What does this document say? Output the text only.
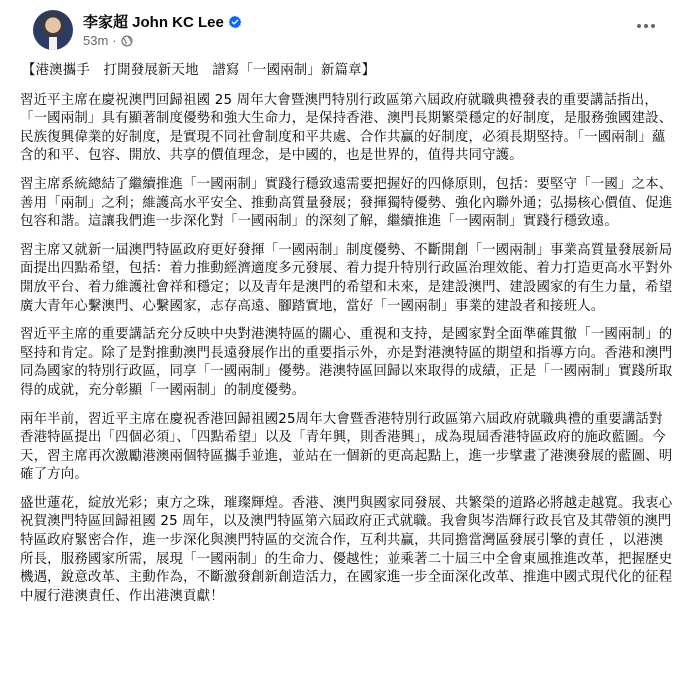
李家超 John KC Lee
53m ·

【港澳攜手　打開發展新天地　譜寫「一國兩制」新篇章】

習近平主席在慶祝澳門回歸祖國 25 周年大會暨澳門特別行政區第六屆政府就職典禮發表的重要講話指出，「一國兩制」具有顯著制度優勢和強大生命力，是保持香港、澳門長期繁榮穩定的好制度，是服務強國建設、民族復興偉業的好制度，是實現不同社會制度和平共處、合作共贏的好制度，必須長期堅持。「一國兩制」蘊含的和平、包容、開放、共享的價值理念，是中國的，也是世界的，值得共同守護。

習主席系統總結了繼續推進「一國兩制」實踐行穩致遠需要把握好的四條原則，包括：要堅守「一國」之本、善用「兩制」之利；維護高水平安全、推動高質量發展；發揮獨特優勢、強化內聯外通；弘揚核心價值、促進包容和諧。這讓我們進一步深化對「一國兩制」的深刻了解，繼續推進「一國兩制」實踐行穩致遠。

習主席又就新一屆澳門特區政府更好發揮「一國兩制」制度優勢、不斷開創「一國兩制」事業高質量發展新局面提出四點希望，包括：着力推動經濟適度多元發展、着力提升特別行政區治理效能、着力打造更高水平對外開放平台、着力維護社會祥和穩定；以及青年是澳門的希望和未來，是建設澳門、建設國家的有生力量，希望廣大青年心繫澳門、心繫國家，志存高遠、腳踏實地，當好「一國兩制」事業的建設者和接班人。

習近平主席的重要講話充分反映中央對港澳特區的關心、重視和支持，是國家對全面準確貫徹「一國兩制」的堅持和肯定。除了是對推動澳門長遠發展作出的重要指示外，亦是對港澳特區的期望和指導方向。香港和澳門同為國家的特別行政區，同享「一國兩制」優勢。港澳特區回歸以來取得的成績，正是「一國兩制」實踐所取得的成就，充分彰顯「一國兩制」的制度優勢。

兩年半前，習近平主席在慶祝香港回歸祖國25周年大會暨香港特別行政區第六屆政府就職典禮的重要講話對香港特區提出「四個必須」、「四點希望」以及「青年興，則香港興」，成為現屆香港特區政府的施政藍圖。今天，習主席再次激勵港澳兩個特區攜手並進，並站在一個新的更高起點上，進一步擘畫了港澳發展的藍圖、明確了方向。

盛世蓮花，綻放光彩；東方之珠，璀璨輝煌。香港、澳門與國家同發展、共繁榮的道路必將越走越寬。我衷心祝賀澳門特區回歸祖國 25 周年，以及澳門特區第六屆政府正式就職。我會與岑浩輝行政長官及其帶領的澳門特區政府緊密合作，進一步深化與澳門特區的交流合作，互利共贏，共同擔當灣區發展引擎的責任 ，以港澳所長，服務國家所需，展現「一國兩制」的生命力、優越性；並乘著二十屆三中全會東風推進改革，把握歷史機遇，銳意改革、主動作為，不斷激發創新創造活力，在國家進一步全面深化改革、推進中國式現代化的征程中履行港澳責任、作出港澳貢獻！
